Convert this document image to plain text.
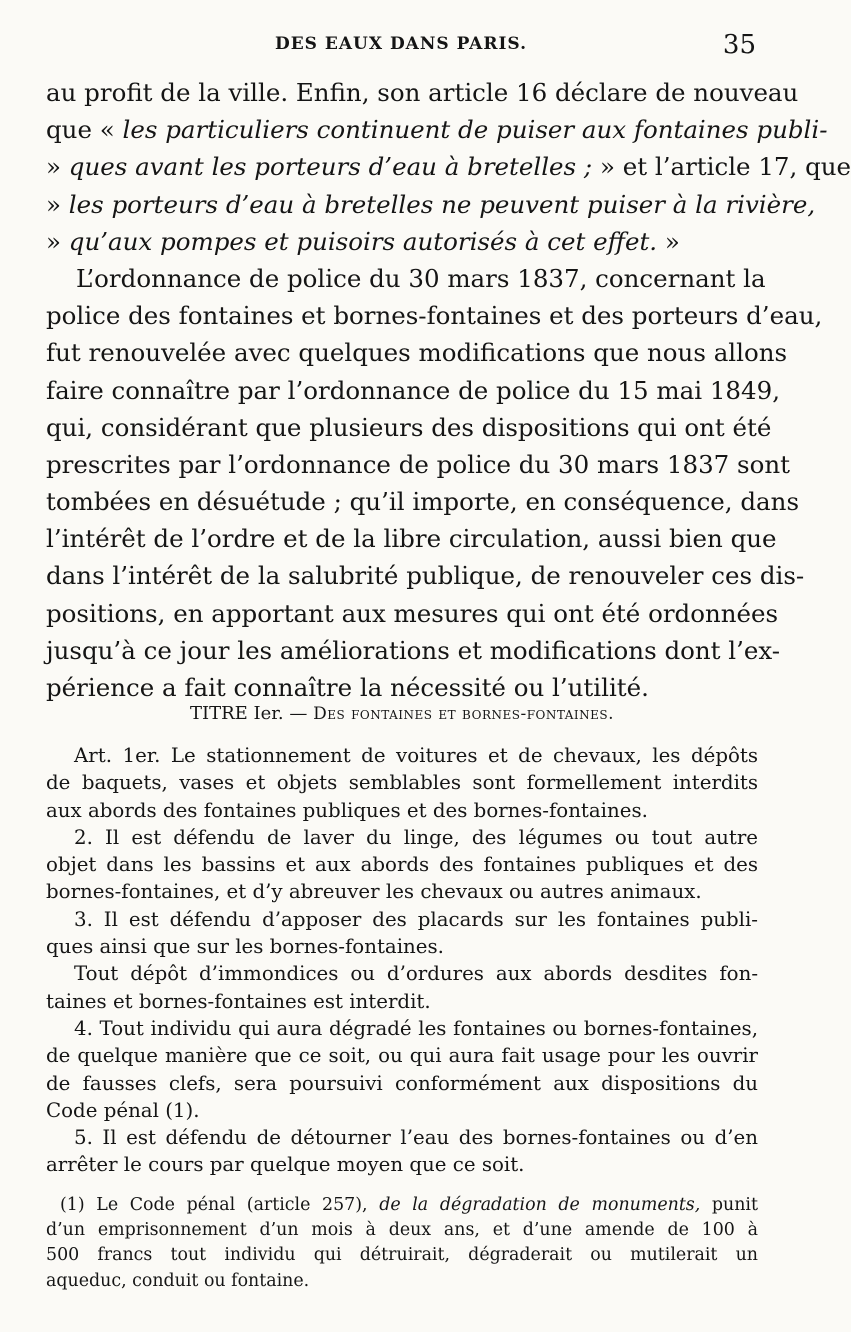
DES EAUX DANS PARIS.	35
au profit de la ville. Enfin, son article 16 déclare de nouveau
que « les particuliers continuent de puiser aux fontaines publi-
» ques avant les porteurs d’eau à bretelles ; » et l’article 17, que
» les porteurs d’eau à bretelles ne peuvent puiser à la rivière,
» qu’aux pompes et puisoirs autorisés à cet effet. »
L’ordonnance de police du 30 mars 1837, concernant la
police des fontaines et bornes-fontaines et des porteurs d’eau,
fut renouvelée avec quelques modifications que nous allons
faire connaître par l’ordonnance de police du 15 mai 1849,
qui, considérant que plusieurs des dispositions qui ont été
prescrites par l’ordonnance de police du 30 mars 1837 sont
tombées en désuétude ; qu’il importe, en conséquence, dans
l’intérêt de l’ordre et de la libre circulation, aussi bien que
dans l’intérêt de la salubrité publique, de renouveler ces dis-
positions, en apportant aux mesures qui ont été ordonnées
jusqu’à ce jour les améliorations et modifications dont l’ex-
périence a fait connaître la nécessité ou l’utilité.
TITRE Ier. — Des fontaines et bornes-fontaines.
Art. 1er. Le stationnement de voitures et de chevaux, les dépôts
de baquets, vases et objets semblables sont formellement interdits
aux abords des fontaines publiques et des bornes-fontaines.
2. Il est défendu de laver du linge, des légumes ou tout autre
objet dans les bassins et aux abords des fontaines publiques et des
bornes-fontaines, et d’y abreuver les chevaux ou autres animaux.
3. Il est défendu d’apposer des placards sur les fontaines publi-
ques ainsi que sur les bornes-fontaines.
Tout dépôt d’immondices ou d’ordures aux abords desdites fon-
taines et bornes-fontaines est interdit.
4. Tout individu qui aura dégradé les fontaines ou bornes-fontaines,
de quelque manière que ce soit, ou qui aura fait usage pour les ouvrir
de fausses clefs, sera poursuivi conformément aux dispositions du
Code pénal (1).
5. Il est défendu de détourner l’eau des bornes-fontaines ou d’en
arrêter le cours par quelque moyen que ce soit.
(1) Le Code pénal (article 257), de la dégradation de monuments, punit
d’un emprisonnement d’un mois à deux ans, et d’une amende de 100 à
500 francs tout individu qui détruirait, dégraderait ou mutilerait un
aqueduc, conduit ou fontaine.
